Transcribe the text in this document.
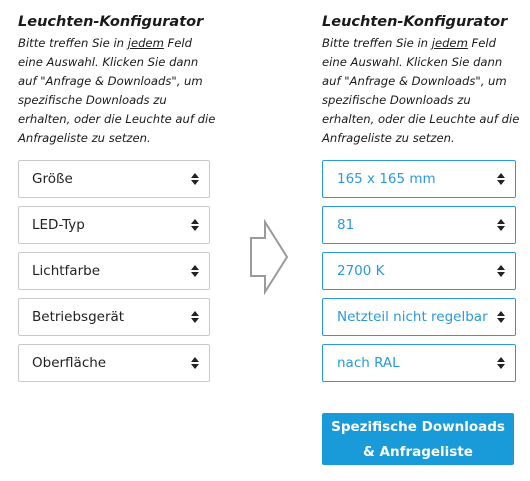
Leuchten-Konfigurator
Bitte treffen Sie in jedem Feld eine Auswahl. Klicken Sie dann auf "Anfrage & Downloads", um spezifische Downloads zu erhalten, oder die Leuchte auf die Anfrageliste zu setzen.
Größe
LED-Typ
Lichtfarbe
Betriebsgerät
Oberfläche
Leuchten-Konfigurator
Bitte treffen Sie in jedem Feld eine Auswahl. Klicken Sie dann auf "Anfrage & Downloads", um spezifische Downloads zu erhalten, oder die Leuchte auf die Anfrageliste zu setzen.
165 x 165 mm
81
2700 K
Netzteil nicht regelbar
nach RAL
Spezifische Downloads
& Anfrageliste
